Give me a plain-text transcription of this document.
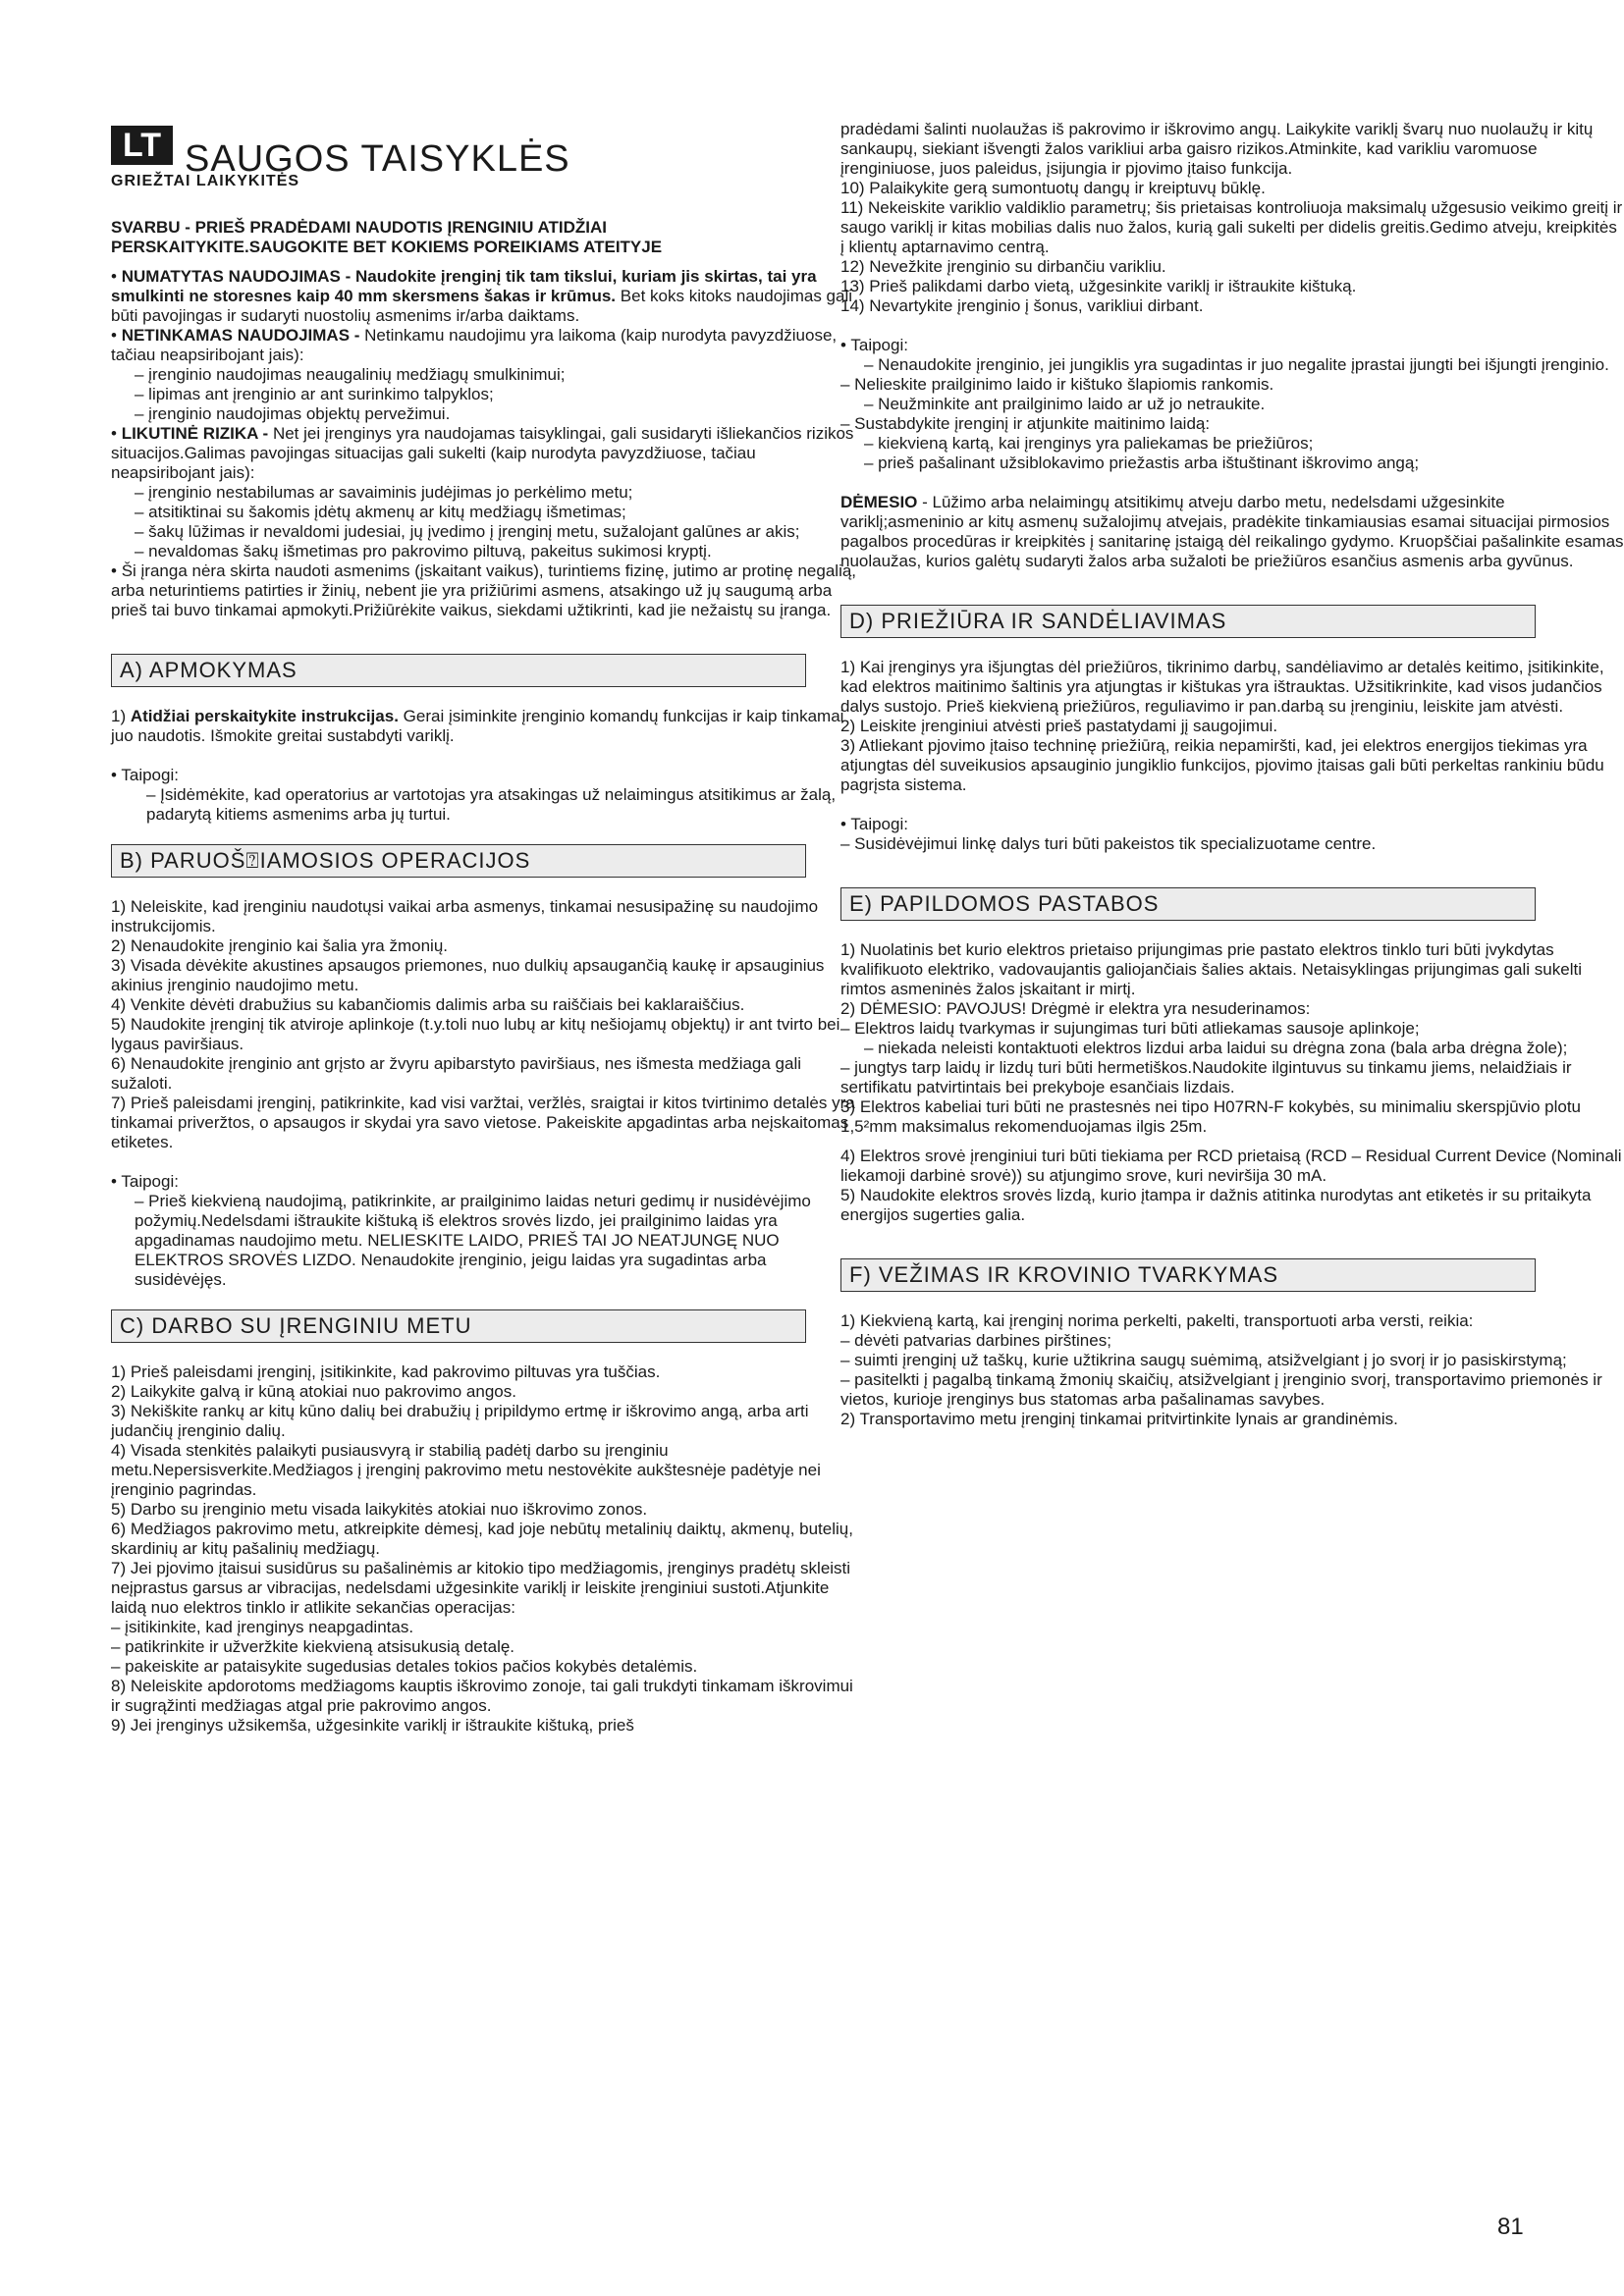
LT SAUGOS TAISYKLĖS
GRIEŽTAI LAIKYKITĖS

SVARBU - PRIEŠ PRADĖDAMI NAUDOTIS ĮRENGINIU ATIDŽIAI

PERSKAITYKITE.SAUGOKITE BET KOKIEMS POREIKIAMS ATEITYJE

• NUMATYTAS NAUDOJIMAS - Naudokite įrenginį tik tam tikslui, kuriam jis skirtas, tai yra smulkinti ne storesnes kaip 40 mm skersmens šakas ir krūmus. Bet koks kitoks naudojimas gali būti pavojingas ir sudaryti nuostolių asmenims ir/arba daiktams.

• NETINKAMAS NAUDOJIMAS - Netinkamu naudojimu yra laikoma (kaip nurodyta pavyzdžiuose, tačiau neapsiribojant jais):

– įrenginio naudojimas neaugalinių medžiagų smulkinimui;

– lipimas ant įrenginio ar ant surinkimo talpyklos;

– įrenginio naudojimas objektų pervežimui.

• LIKUTINĖ RIZIKA - Net jei įrenginys yra naudojamas taisyklingai, gali susidaryti išliekančios rizikos situacijos.Galimas pavojingas situacijas gali sukelti (kaip nurodyta pavyzdžiuose, tačiau neapsiribojant jais):

– įrenginio nestabilumas ar savaiminis judėjimas jo perkėlimo metu;

– atsitiktinai su šakomis įdėtų akmenų ar kitų medžiagų išmetimas;

– šakų lūžimas ir nevaldomi judesiai, jų įvedimo į įrenginį metu, sužalojant galūnes ar akis;

– nevaldomas šakų išmetimas pro pakrovimo piltuvą, pakeitus sukimosi kryptį.

• Ši įranga nėra skirta naudoti asmenims (įskaitant vaikus), turintiems fizinę, jutimo ar protinę negalią, arba neturintiems patirties ir žinių, nebent jie yra prižiūrimi asmens, atsakingo už jų saugumą arba prieš tai buvo tinkamai apmokyti.Prižiūrėkite vaikus, siekdami užtikrinti, kad jie nežaistų su įranga.

A) APMOKYMAS

1) Atidžiai perskaitykite instrukcijas. Gerai įsiminkite įrenginio komandų funkcijas ir kaip tinkamai juo naudotis. Išmokite greitai sustabdyti variklį.

• Taipogi:

– Įsidėmėkite, kad operatorius ar vartotojas yra atsakingas už nelaimingus atsitikimus ar žalą, padarytą kitiems asmenims arba jų turtui.

B) PARUOŠ⍰IAMOSIOS OPERACIJOS

1) Neleiskite, kad įrenginiu naudotųsi vaikai arba asmenys, tinkamai nesusipažinę su naudojimo instrukcijomis.

2) Nenaudokite įrenginio kai šalia yra žmonių.

3) Visada dėvėkite akustines apsaugos priemones, nuo dulkių apsaugančią kaukę ir apsauginius akinius įrenginio naudojimo metu.

4) Venkite dėvėti drabužius su kabančiomis dalimis arba su raiščiais bei kaklaraiščius.

5) Naudokite įrenginį tik atviroje aplinkoje (t.y.toli nuo lubų ar kitų nešiojamų objektų) ir ant tvirto bei lygaus paviršiaus.

6) Nenaudokite įrenginio ant grįsto ar žvyru apibarstyto paviršiaus, nes išmesta medžiaga gali sužaloti.

7) Prieš paleisdami įrenginį, patikrinkite, kad visi varžtai, veržlės, sraigtai ir kitos tvirtinimo detalės yra tinkamai priveržtos, o apsaugos ir skydai yra savo vietose. Pakeiskite apgadintas arba neįskaitomas etiketes.

• Taipogi:

– Prieš kiekvieną naudojimą, patikrinkite, ar prailginimo laidas neturi gedimų ir nusidėvėjimo požymių.Nedelsdami ištraukite kištuką iš elektros srovės lizdo, jei prailginimo laidas yra apgadinamas naudojimo metu. NELIESKITE LAIDO, PRIEŠ TAI JO NEATJUNGĘ NUO ELEKTROS SROVĖS LIZDO. Nenaudokite įrenginio, jeigu laidas yra sugadintas arba susidėvėjęs.

C) DARBO SU ĮRENGINIU METU

1) Prieš paleisdami įrenginį, įsitikinkite, kad pakrovimo piltuvas yra tuščias.

2) Laikykite galvą ir kūną atokiai nuo pakrovimo angos.

3) Nekiškite rankų ar kitų kūno dalių bei drabužių į pripildymo ertmę ir iškrovimo angą, arba arti judančių įrenginio dalių.

4) Visada stenkitės palaikyti pusiausvyrą ir stabilią padėtį darbo su įrenginiu metu.Nepersisverkite.Medžiagos į įrenginį pakrovimo metu nestovėkite aukštesnėje padėtyje nei įrenginio pagrindas.

5) Darbo su įrenginio metu visada laikykitės atokiai nuo iškrovimo zonos.

6) Medžiagos pakrovimo metu, atkreipkite dėmesį, kad joje nebūtų metalinių daiktų, akmenų, butelių, skardinių ar kitų pašalinių medžiagų.

7) Jei pjovimo įtaisui susidūrus su pašalinėmis ar kitokio tipo medžiagomis, įrenginys pradėtų skleisti neįprastus garsus ar vibracijas, nedelsdami užgesinkite variklį ir leiskite įrenginiui sustoti.Atjunkite laidą nuo elektros tinklo ir atlikite sekančias operacijas:

– įsitikinkite, kad įrenginys neapgadintas.

– patikrinkite ir užveržkite kiekvieną atsisukusią detalę.

– pakeiskite ar pataisykite sugedusias detales tokios pačios kokybės detalėmis.

8) Neleiskite apdorotoms medžiagoms kauptis iškrovimo zonoje, tai gali trukdyti tinkamam iškrovimui ir sugrąžinti medžiagas atgal prie pakrovimo angos.

9) Jei įrenginys užsikemša, užgesinkite variklį ir ištraukite kištuką, prieš

pradėdami šalinti nuolaužas iš pakrovimo ir iškrovimo angų. Laikykite variklį švarų nuo nuolaužų ir kitų sankaupų, siekiant išvengti žalos varikliui arba gaisro rizikos.Atminkite, kad varikliu varomuose įrenginiuose, juos paleidus, įsijungia ir pjovimo įtaiso funkcija.

10) Palaikykite gerą sumontuotų dangų ir kreiptuvų būklę.

11) Nekeiskite variklio valdiklio parametrų; šis prietaisas kontroliuoja maksimalų užgesusio veikimo greitį ir saugo variklį ir kitas mobilias dalis nuo žalos, kurią gali sukelti per didelis greitis.Gedimo atveju, kreipkitės į klientų aptarnavimo centrą.

12) Nevežkite įrenginio su dirbančiu varikliu.

13) Prieš palikdami darbo vietą, užgesinkite variklį ir ištraukite kištuką.

14) Nevartykite įrenginio į šonus, varikliui dirbant.

• Taipogi:

– Nenaudokite įrenginio, jei jungiklis yra sugadintas ir juo negalite įprastai įjungti bei išjungti įrenginio.

– Nelieskite prailginimo laido ir kištuko šlapiomis rankomis.

– Neužminkite ant prailginimo laido ar už jo netraukite.

– Sustabdykite įrenginį ir atjunkite maitinimo laidą:

– kiekvieną kartą, kai įrenginys yra paliekamas be priežiūros;

– prieš pašalinant užsiblokavimo priežastis arba ištuštinant iškrovimo angą;

DĖMESIO - Lūžimo arba nelaimingų atsitikimų atveju darbo metu, nedelsdami užgesinkite variklį;asmeninio ar kitų asmenų sužalojimų atvejais, pradėkite tinkamiausias esamai situacijai pirmosios pagalbos procedūras ir kreipkitės į sanitarinę įstaigą dėl reikalingo gydymo. Kruopščiai pašalinkite esamas nuolaužas, kurios galėtų sudaryti žalos arba sužaloti be priežiūros esančius asmenis arba gyvūnus.

D) PRIEŽIŪRA IR SANDĖLIAVIMAS

1) Kai įrenginys yra išjungtas dėl priežiūros, tikrinimo darbų, sandėliavimo ar detalės keitimo, įsitikinkite, kad elektros maitinimo šaltinis yra atjungtas ir kištukas yra ištrauktas. Užsitikrinkite, kad visos judančios dalys sustojo. Prieš kiekvieną priežiūros, reguliavimo ir pan.darbą su įrenginiu, leiskite jam atvėsti.

2) Leiskite įrenginiui atvėsti prieš pastatydami jį saugojimui.

3) Atliekant pjovimo įtaiso techninę priežiūrą, reikia nepamiršti, kad, jei elektros energijos tiekimas yra atjungtas dėl suveikusios apsauginio jungiklio funkcijos, pjovimo įtaisas gali būti perkeltas rankiniu būdu pagrįsta sistema.

• Taipogi:

– Susidėvėjimui linkę dalys turi būti pakeistos tik specializuotame centre.

E) PAPILDOMOS PASTABOS

1) Nuolatinis bet kurio elektros prietaiso prijungimas prie pastato elektros tinklo turi būti įvykdytas kvalifikuoto elektriko, vadovaujantis galiojančiais šalies aktais. Netaisyklingas prijungimas gali sukelti rimtos asmeninės žalos įskaitant ir mirtį.

2) DĖMESIO: PAVOJUS! Drėgmė ir elektra yra nesuderinamos:

– Elektros laidų tvarkymas ir sujungimas turi būti atliekamas sausoje aplinkoje;

– niekada neleisti kontaktuoti elektros lizdui arba laidui su drėgna zona (bala arba drėgna žole);

– jungtys tarp laidų ir lizdų turi būti hermetiškos.Naudokite ilgintuvus su tinkamu jiems, nelaidžiais ir sertifikatu patvirtintais bei prekyboje esančiais lizdais.

3) Elektros kabeliai turi būti ne prastesnės nei tipo H07RN-F kokybės, su minimaliu skerspjūvio plotu 1,5²mm maksimalus rekomenduojamas ilgis 25m.

4) Elektros srovė įrenginiui turi būti tiekiama per RCD prietaisą (RCD – Residual Current Device (Nominali liekamoji darbinė srovė)) su atjungimo srove, kuri neviršija 30 mA.

5) Naudokite elektros srovės lizdą, kurio įtampa ir dažnis atitinka nurodytas ant etiketės ir su pritaikyta energijos sugerties galia.

F) VEŽIMAS IR KROVINIO TVARKYMAS

1) Kiekvieną kartą, kai įrenginį norima perkelti, pakelti, transportuoti arba versti, reikia:

– dėvėti patvarias darbines pirštines;

– suimti įrenginį už taškų, kurie užtikrina saugų suėmimą, atsižvelgiant į jo svorį ir jo pasiskirstymą;

– pasitelkti į pagalbą tinkamą žmonių skaičių, atsižvelgiant į įrenginio svorį, transportavimo priemonės ir vietos, kurioje įrenginys bus statomas arba pašalinamas savybes.

2) Transportavimo metu įrenginį tinkamai pritvirtinkite lynais ar grandinėmis.

81
